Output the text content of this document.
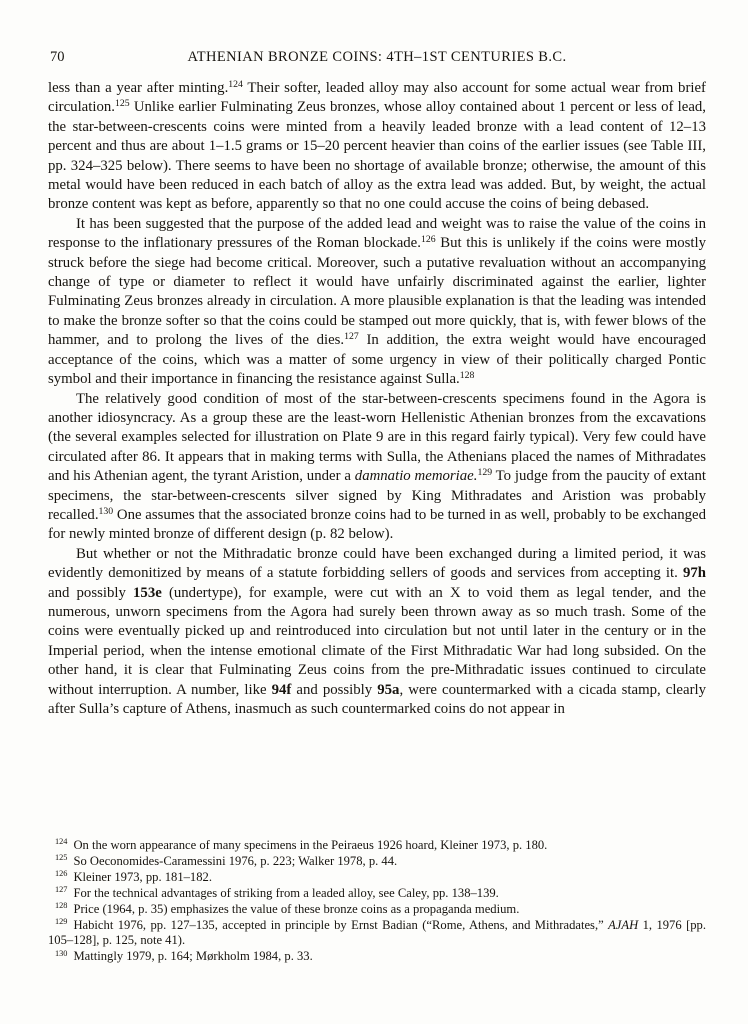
70	ATHENIAN BRONZE COINS: 4TH–1ST CENTURIES B.C.

less than a year after minting.$^{124}$ Their softer, leaded alloy may also account for some actual wear from brief circulation.$^{125}$ Unlike earlier Fulminating Zeus bronzes, whose alloy contained about 1 percent or less of lead, the star-between-crescents coins were minted from a heavily leaded bronze with a lead content of 12–13 percent and thus are about 1–1.5 grams or 15–20 percent heavier than coins of the earlier issues (see Table III, pp. 324–325 below). There seems to have been no shortage of available bronze; otherwise, the amount of this metal would have been reduced in each batch of alloy as the extra lead was added. But, by weight, the actual bronze content was kept as before, apparently so that no one could accuse the coins of being debased.

It has been suggested that the purpose of the added lead and weight was to raise the value of the coins in response to the inflationary pressures of the Roman blockade.$^{126}$ But this is unlikely if the coins were mostly struck before the siege had become critical. Moreover, such a putative revaluation without an accompanying change of type or diameter to reflect it would have unfairly discriminated against the earlier, lighter Fulminating Zeus bronzes already in circulation. A more plausible explanation is that the leading was intended to make the bronze softer so that the coins could be stamped out more quickly, that is, with fewer blows of the hammer, and to prolong the lives of the dies.$^{127}$ In addition, the extra weight would have encouraged acceptance of the coins, which was a matter of some urgency in view of their politically charged Pontic symbol and their importance in financing the resistance against Sulla.$^{128}$

The relatively good condition of most of the star-between-crescents specimens found in the Agora is another idiosyncracy. As a group these are the least-worn Hellenistic Athenian bronzes from the excavations (the several examples selected for illustration on Plate 9 are in this regard fairly typical). Very few could have circulated after 86. It appears that in making terms with Sulla, the Athenians placed the names of Mithradates and his Athenian agent, the tyrant Aristion, under a damnatio memoriae.$^{129}$ To judge from the paucity of extant specimens, the star-between-crescents silver signed by King Mithradates and Aristion was probably recalled.$^{130}$ One assumes that the associated bronze coins had to be turned in as well, probably to be exchanged for newly minted bronze of different design (p. 82 below).

But whether or not the Mithradatic bronze could have been exchanged during a limited period, it was evidently demonitized by means of a statute forbidding sellers of goods and services from accepting it. 97h and possibly 153e (undertype), for example, were cut with an X to void them as legal tender, and the numerous, unworn specimens from the Agora had surely been thrown away as so much trash. Some of the coins were eventually picked up and reintroduced into circulation but not until later in the century or in the Imperial period, when the intense emotional climate of the First Mithradatic War had long subsided. On the other hand, it is clear that Fulminating Zeus coins from the pre-Mithradatic issues continued to circulate without interruption. A number, like 94f and possibly 95a, were countermarked with a cicada stamp, clearly after Sulla’s capture of Athens, inasmuch as such countermarked coins do not appear in

$^{124}$ On the worn appearance of many specimens in the Peiraeus 1926 hoard, Kleiner 1973, p. 180.
$^{125}$ So Oeconomides-Caramessini 1976, p. 223; Walker 1978, p. 44.
$^{126}$ Kleiner 1973, pp. 181–182.
$^{127}$ For the technical advantages of striking from a leaded alloy, see Caley, pp. 138–139.
$^{128}$ Price (1964, p. 35) emphasizes the value of these bronze coins as a propaganda medium.
$^{129}$ Habicht 1976, pp. 127–135, accepted in principle by Ernst Badian (“Rome, Athens, and Mithradates,” AJAH 1, 1976 [pp. 105–128], p. 125, note 41).
$^{130}$ Mattingly 1979, p. 164; Mørkholm 1984, p. 33.
